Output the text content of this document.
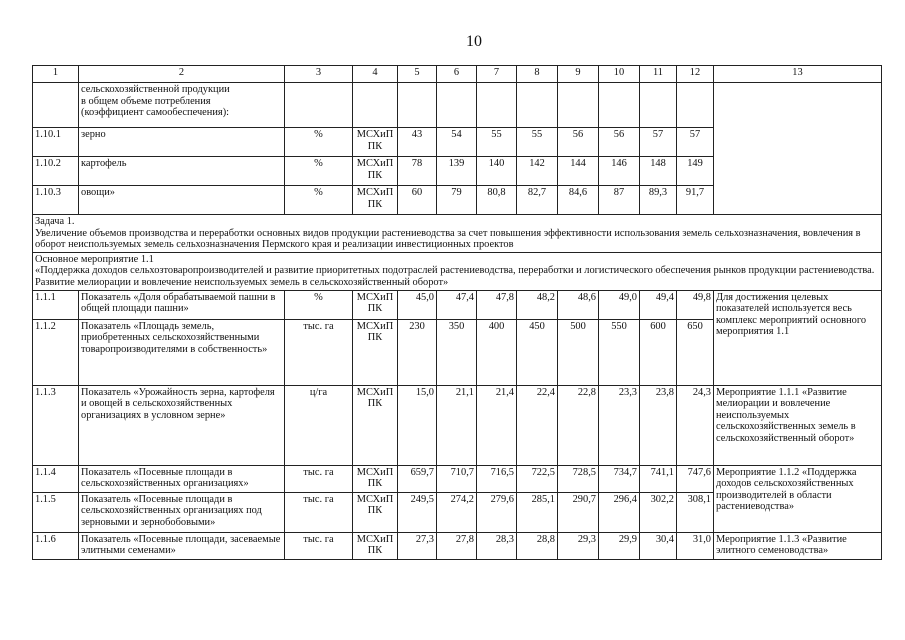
10
1	2	3	4	5	6	7	8	9	10	11	12	13
	сельскохозяйственной продукции
в общем объеме потребления
(коэффициент самообеспечения):											
1.10.1	зерно	%	МСХиП ПК	43	54	55	55	56	56	57	57	
1.10.2	картофель	%	МСХиП ПК	78	139	140	142	144	146	148	149	
1.10.3	овощи»	%	МСХиП ПК	60	79	80,8	82,7	84,6	87	89,3	91,7	
Задача 1.
Увеличение объемов производства и переработки основных видов продукции растениеводства за счет повышения эффективности использования земель сельхозназначения, вовлечения в оборот неиспользуемых земель сельхозназначения Пермского края и реализации инвестиционных проектов												
Основное мероприятие 1.1
«Поддержка доходов сельхозтоваропроизводителей и развитие приоритетных подотраслей растениеводства, переработки и логистического обеспечения рынков продукции растениеводства. Развитие мелиорации и вовлечение неиспользуемых земель в сельскохозяйственный оборот»												
1.1.1	Показатель «Доля обрабатываемой пашни в общей площади пашни»	%	МСХиП ПК	45,0	47,4	47,8	48,2	48,6	49,0	49,4	49,8	Для достижения целевых показателей используется весь комплекс мероприятий основного мероприятия 1.1
1.1.2	Показатель «Площадь земель, приобретенных сельскохозяйственными товаропроизводителями в собственность»	тыс. га	МСХиП ПК	230	350	400	450	500	550	600	650	
1.1.3	Показатель «Урожайность зерна, картофеля и овощей в сельскохозяйственных организациях в условном зерне»	ц/га	МСХиП ПК	15,0	21,1	21,4	22,4	22,8	23,3	23,8	24,3	Мероприятие 1.1.1 «Развитие мелиорации и вовлечение неиспользуемых сельскохозяйственных земель в сельскохозяйственный оборот»
1.1.4	Показатель «Посевные площади в сельскохозяйственных организациях»	тыс. га	МСХиП ПК	659,7	710,7	716,5	722,5	728,5	734,7	741,1	747,6	Мероприятие 1.1.2 «Поддержка доходов сельскохозяйственных производителей в области растениеводства»
1.1.5	Показатель «Посевные площади в сельскохозяйственных организациях под зерновыми и зернобобовыми»	тыс. га	МСХиП ПК	249,5	274,2	279,6	285,1	290,7	296,4	302,2	308,1	
1.1.6	Показатель «Посевные площади, засеваемые элитными семенами»	тыс. га	МСХиП ПК	27,3	27,8	28,3	28,8	29,3	29,9	30,4	31,0	Мероприятие 1.1.3 «Развитие элитного семеноводства»
